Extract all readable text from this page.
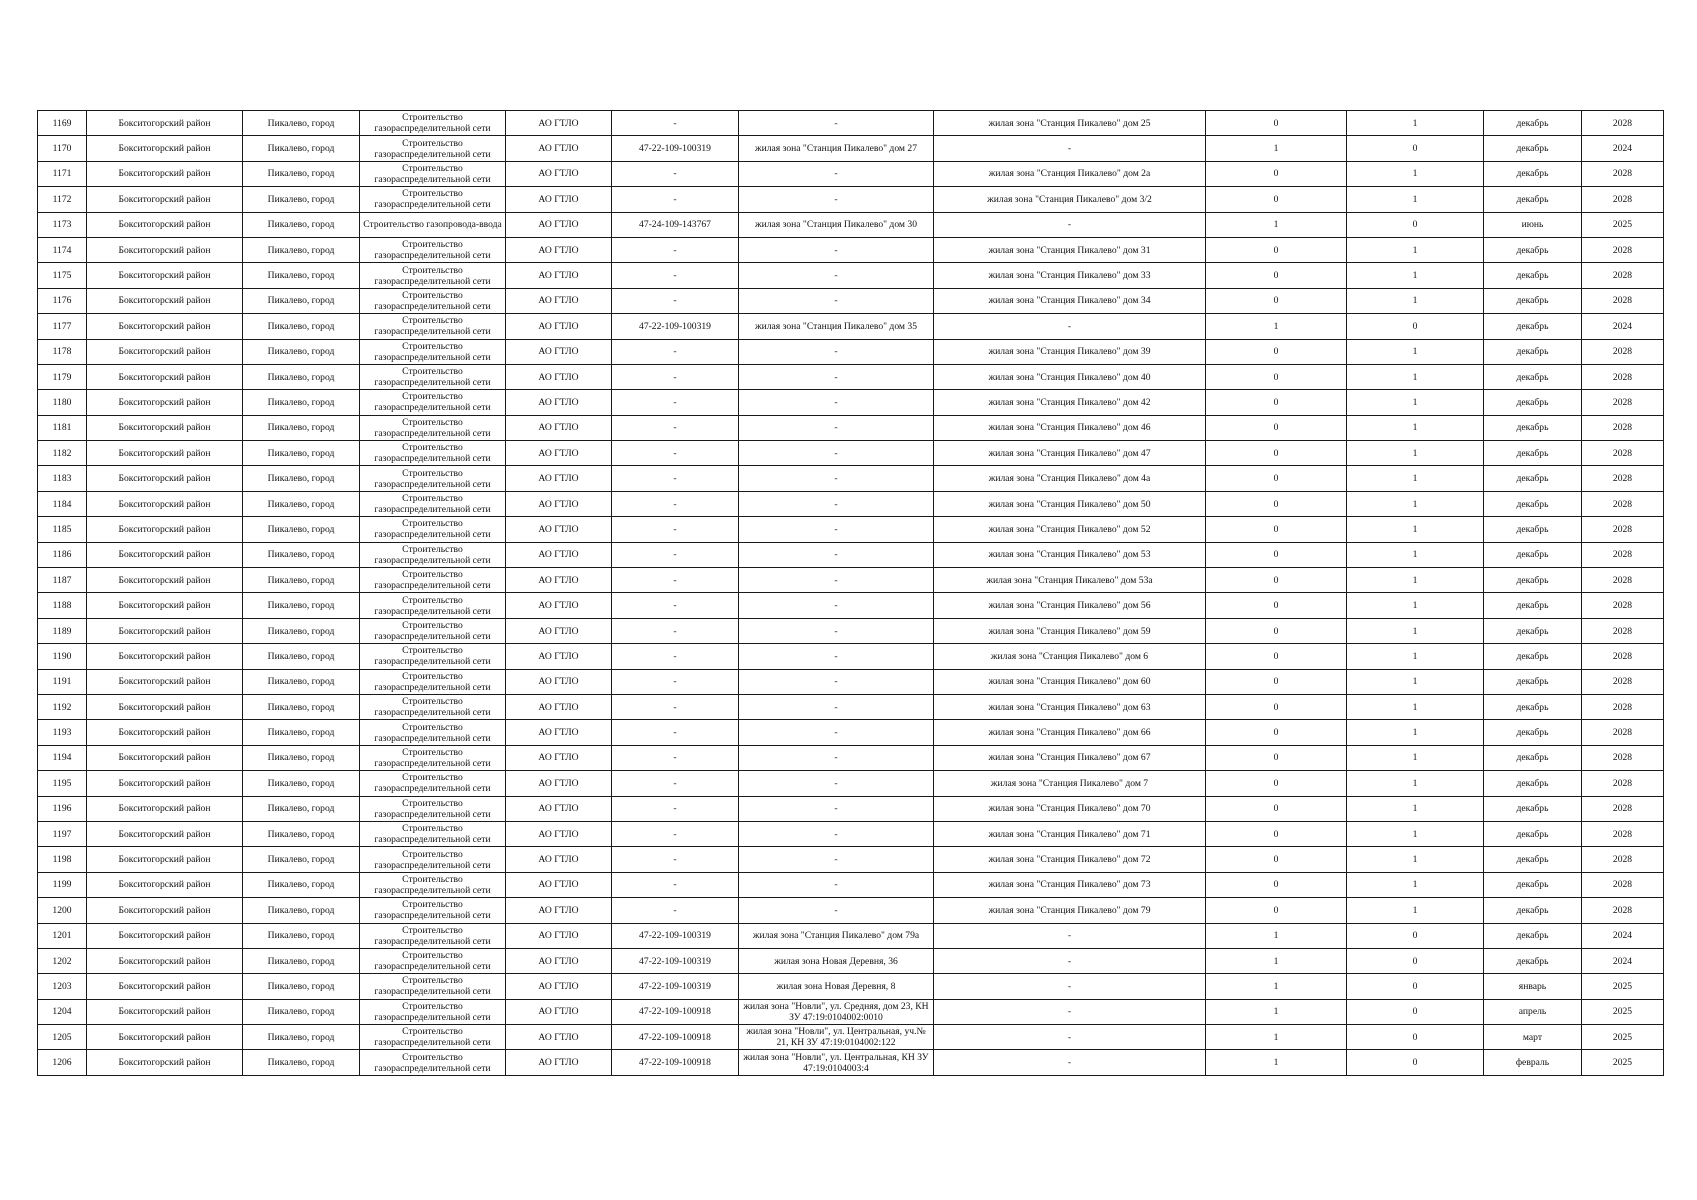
1169	Бокситогорский район	Пикалево, город	Строительство газораспределительной сети	АО ГТЛО	-	-	жилая зона "Станция Пикалево" дом 25	0	1	декабрь	2028
1170	Бокситогорский район	Пикалево, город	Строительство газораспределительной сети	АО ГТЛО	47-22-109-100319	жилая зона "Станция Пикалево" дом 27	-	1	0	декабрь	2024
1171	Бокситогорский район	Пикалево, город	Строительство газораспределительной сети	АО ГТЛО	-	-	жилая зона "Станция Пикалево" дом 2а	0	1	декабрь	2028
1172	Бокситогорский район	Пикалево, город	Строительство газораспределительной сети	АО ГТЛО	-	-	жилая зона "Станция Пикалево" дом 3/2	0	1	декабрь	2028
1173	Бокситогорский район	Пикалево, город	Строительство газопровода-ввода	АО ГТЛО	47-24-109-143767	жилая зона "Станция Пикалево" дом 30	-	1	0	июнь	2025
1174	Бокситогорский район	Пикалево, город	Строительство газораспределительной сети	АО ГТЛО	-	-	жилая зона "Станция Пикалево" дом 31	0	1	декабрь	2028
1175	Бокситогорский район	Пикалево, город	Строительство газораспределительной сети	АО ГТЛО	-	-	жилая зона "Станция Пикалево" дом 33	0	1	декабрь	2028
1176	Бокситогорский район	Пикалево, город	Строительство газораспределительной сети	АО ГТЛО	-	-	жилая зона "Станция Пикалево" дом 34	0	1	декабрь	2028
1177	Бокситогорский район	Пикалево, город	Строительство газораспределительной сети	АО ГТЛО	47-22-109-100319	жилая зона "Станция Пикалево" дом 35	-	1	0	декабрь	2024
1178	Бокситогорский район	Пикалево, город	Строительство газораспределительной сети	АО ГТЛО	-	-	жилая зона "Станция Пикалево" дом 39	0	1	декабрь	2028
1179	Бокситогорский район	Пикалево, город	Строительство газораспределительной сети	АО ГТЛО	-	-	жилая зона "Станция Пикалево" дом 40	0	1	декабрь	2028
1180	Бокситогорский район	Пикалево, город	Строительство газораспределительной сети	АО ГТЛО	-	-	жилая зона "Станция Пикалево" дом 42	0	1	декабрь	2028
1181	Бокситогорский район	Пикалево, город	Строительство газораспределительной сети	АО ГТЛО	-	-	жилая зона "Станция Пикалево" дом 46	0	1	декабрь	2028
1182	Бокситогорский район	Пикалево, город	Строительство газораспределительной сети	АО ГТЛО	-	-	жилая зона "Станция Пикалево" дом 47	0	1	декабрь	2028
1183	Бокситогорский район	Пикалево, город	Строительство газораспределительной сети	АО ГТЛО	-	-	жилая зона "Станция Пикалево" дом 4а	0	1	декабрь	2028
1184	Бокситогорский район	Пикалево, город	Строительство газораспределительной сети	АО ГТЛО	-	-	жилая зона "Станция Пикалево" дом 50	0	1	декабрь	2028
1185	Бокситогорский район	Пикалево, город	Строительство газораспределительной сети	АО ГТЛО	-	-	жилая зона "Станция Пикалево" дом 52	0	1	декабрь	2028
1186	Бокситогорский район	Пикалево, город	Строительство газораспределительной сети	АО ГТЛО	-	-	жилая зона "Станция Пикалево" дом 53	0	1	декабрь	2028
1187	Бокситогорский район	Пикалево, город	Строительство газораспределительной сети	АО ГТЛО	-	-	жилая зона "Станция Пикалево" дом 53а	0	1	декабрь	2028
1188	Бокситогорский район	Пикалево, город	Строительство газораспределительной сети	АО ГТЛО	-	-	жилая зона "Станция Пикалево" дом 56	0	1	декабрь	2028
1189	Бокситогорский район	Пикалево, город	Строительство газораспределительной сети	АО ГТЛО	-	-	жилая зона "Станция Пикалево" дом 59	0	1	декабрь	2028
1190	Бокситогорский район	Пикалево, город	Строительство газораспределительной сети	АО ГТЛО	-	-	жилая зона "Станция Пикалево" дом 6	0	1	декабрь	2028
1191	Бокситогорский район	Пикалево, город	Строительство газораспределительной сети	АО ГТЛО	-	-	жилая зона "Станция Пикалево" дом 60	0	1	декабрь	2028
1192	Бокситогорский район	Пикалево, город	Строительство газораспределительной сети	АО ГТЛО	-	-	жилая зона "Станция Пикалево" дом 63	0	1	декабрь	2028
1193	Бокситогорский район	Пикалево, город	Строительство газораспределительной сети	АО ГТЛО	-	-	жилая зона "Станция Пикалево" дом 66	0	1	декабрь	2028
1194	Бокситогорский район	Пикалево, город	Строительство газораспределительной сети	АО ГТЛО	-	-	жилая зона "Станция Пикалево" дом 67	0	1	декабрь	2028
1195	Бокситогорский район	Пикалево, город	Строительство газораспределительной сети	АО ГТЛО	-	-	жилая зона "Станция Пикалево" дом 7	0	1	декабрь	2028
1196	Бокситогорский район	Пикалево, город	Строительство газораспределительной сети	АО ГТЛО	-	-	жилая зона "Станция Пикалево" дом 70	0	1	декабрь	2028
1197	Бокситогорский район	Пикалево, город	Строительство газораспределительной сети	АО ГТЛО	-	-	жилая зона "Станция Пикалево" дом 71	0	1	декабрь	2028
1198	Бокситогорский район	Пикалево, город	Строительство газораспределительной сети	АО ГТЛО	-	-	жилая зона "Станция Пикалево" дом 72	0	1	декабрь	2028
1199	Бокситогорский район	Пикалево, город	Строительство газораспределительной сети	АО ГТЛО	-	-	жилая зона "Станция Пикалево" дом 73	0	1	декабрь	2028
1200	Бокситогорский район	Пикалево, город	Строительство газораспределительной сети	АО ГТЛО	-	-	жилая зона "Станция Пикалево" дом 79	0	1	декабрь	2028
1201	Бокситогорский район	Пикалево, город	Строительство газораспределительной сети	АО ГТЛО	47-22-109-100319	жилая зона "Станция Пикалево" дом 79а	-	1	0	декабрь	2024
1202	Бокситогорский район	Пикалево, город	Строительство газораспределительной сети	АО ГТЛО	47-22-109-100319	жилая зона Новая Деревня, 36	-	1	0	декабрь	2024
1203	Бокситогорский район	Пикалево, город	Строительство газораспределительной сети	АО ГТЛО	47-22-109-100319	жилая зона Новая Деревня, 8	-	1	0	январь	2025
1204	Бокситогорский район	Пикалево, город	Строительство газораспределительной сети	АО ГТЛО	47-22-109-100918	жилая зона "Новли", ул. Средняя, дом 23, КН ЗУ 47:19:0104002:0010	-	1	0	апрель	2025
1205	Бокситогорский район	Пикалево, город	Строительство газораспределительной сети	АО ГТЛО	47-22-109-100918	жилая зона "Новли", ул. Центральная, уч.№ 21, КН ЗУ 47:19:0104002:122	-	1	0	март	2025
1206	Бокситогорский район	Пикалево, город	Строительство газораспределительной сети	АО ГТЛО	47-22-109-100918	жилая зона "Новли", ул. Центральная, КН ЗУ 47:19:0104003:4	-	1	0	февраль	2025
